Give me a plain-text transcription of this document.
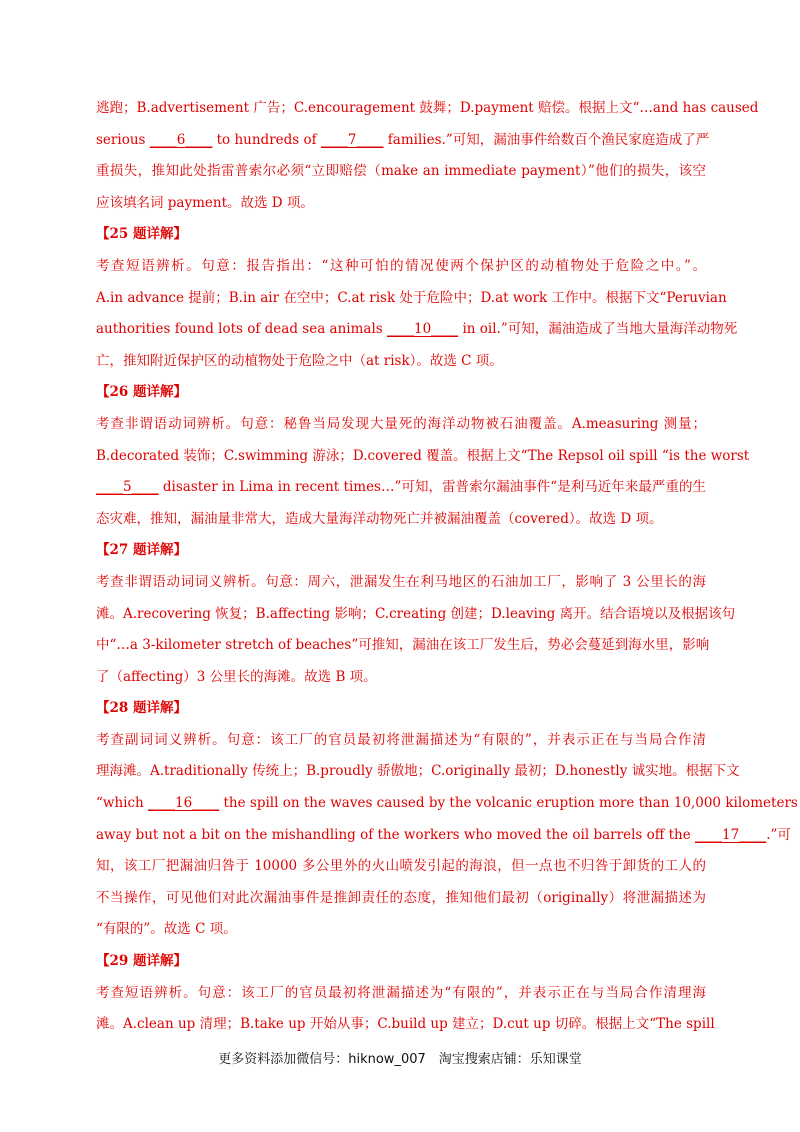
逃跑；B.advertisement 广告；C.encouragement 鼓舞；D.payment 赔偿。根据上文“…and has caused
serious ____6____ to hundreds of ____7____ families.”可知，漏油事件给数百个渔民家庭造成了严
重损失，推知此处指雷普索尔必须“立即赔偿（make an immediate payment）”他们的损失，该空
应该填名词 payment。故选 D 项。
【25 题详解】
考查短语辨析。句意：报告指出：“这种可怕的情况使两个保护区的动植物处于危险之中。”。
A.in advance 提前；B.in air 在空中；C.at risk 处于危险中；D.at work 工作中。根据下文“Peruvian
authorities found lots of dead sea animals ____10____ in oil.”可知，漏油造成了当地大量海洋动物死
亡，推知附近保护区的动植物处于危险之中（at risk）。故选 C 项。
【26 题详解】
考查非谓语动词辨析。句意：秘鲁当局发现大量死的海洋动物被石油覆盖。A.measuring 测量；
B.decorated 装饰；C.swimming 游泳；D.covered 覆盖。根据上文“The Repsol oil spill “is the worst
____5____ disaster in Lima in recent times…”可知，雷普索尔漏油事件“是利马近年来最严重的生
态灾难，推知，漏油量非常大，造成大量海洋动物死亡并被漏油覆盖（covered）。故选 D 项。
【27 题详解】
考查非谓语动词词义辨析。句意：周六，泄漏发生在利马地区的石油加工厂，影响了 3 公里长的海
滩。A.recovering 恢复；B.affecting 影响；C.creating 创建；D.leaving 离开。结合语境以及根据该句
中“…a 3-kilometer stretch of beaches”可推知，漏油在该工厂发生后，势必会蔓延到海水里，影响
了（affecting）3 公里长的海滩。故选 B 项。
【28 题详解】
考查副词词义辨析。句意：该工厂的官员最初将泄漏描述为“有限的”，并表示正在与当局合作清
理海滩。A.traditionally 传统上；B.proudly 骄傲地；C.originally 最初；D.honestly 诚实地。根据下文
“which ____16____ the spill on the waves caused by the volcanic eruption more than 10,000 kilometers
away but not a bit on the mishandling of the workers who moved the oil barrels off the ____17____.”可
知，该工厂把漏油归咎于 10000 多公里外的火山喷发引起的海浪，但一点也不归咎于卸货的工人的
不当操作，可见他们对此次漏油事件是推卸责任的态度，推知他们最初（originally）将泄漏描述为
“有限的”。故选 C 项。
【29 题详解】
考查短语辨析。句意：该工厂的官员最初将泄漏描述为“有限的”，并表示正在与当局合作清理海
滩。A.clean up 清理；B.take up 开始从事；C.build up 建立；D.cut up 切碎。根据上文“The spill
更多资料添加微信号：hiknow_007　淘宝搜索店铺：乐知课堂
